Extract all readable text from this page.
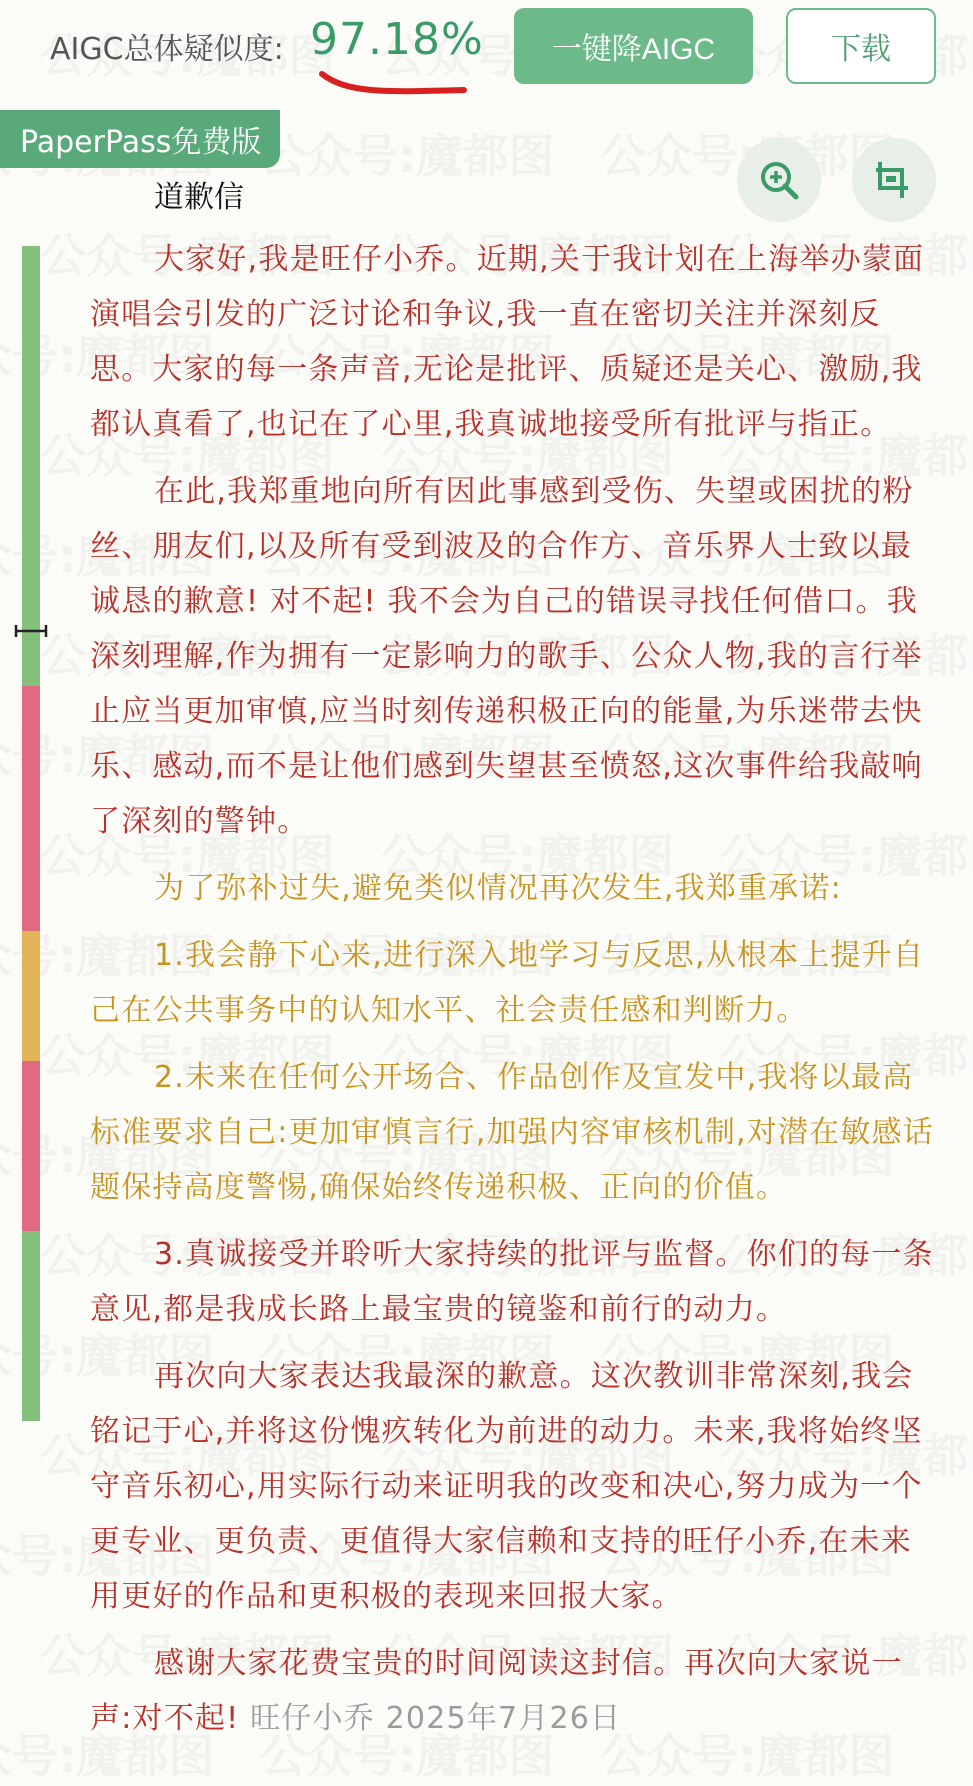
AIGC总体疑似度: 97.18%	一键降AIGC	下载
PaperPass免费版
道歉信

大家好,我是旺仔小乔。近期,关于我计划在上海举办蒙面演唱会引发的广泛讨论和争议,我一直在密切关注并深刻反思。大家的每一条声音,无论是批评、质疑还是关心、激励,我都认真看了,也记在了心里,我真诚地接受所有批评与指正。

在此,我郑重地向所有因此事感到受伤、失望或困扰的粉丝、朋友们,以及所有受到波及的合作方、音乐界人士致以最诚恳的歉意! 对不起! 我不会为自己的错误寻找任何借口。我深刻理解,作为拥有一定影响力的歌手、公众人物,我的言行举止应当更加审慎,应当时刻传递积极正向的能量,为乐迷带去快乐、感动,而不是让他们感到失望甚至愤怒,这次事件给我敲响了深刻的警钟。

为了弥补过失,避免类似情况再次发生,我郑重承诺:

1.我会静下心来,进行深入地学习与反思,从根本上提升自己在公共事务中的认知水平、社会责任感和判断力。

2.未来在任何公开场合、作品创作及宣发中,我将以最高标准要求自己:更加审慎言行,加强内容审核机制,对潜在敏感话题保持高度警惕,确保始终传递积极、正向的价值。

3.真诚接受并聆听大家持续的批评与监督。你们的每一条意见,都是我成长路上最宝贵的镜鉴和前行的动力。

再次向大家表达我最深的歉意。这次教训非常深刻,我会铭记于心,并将这份愧疚转化为前进的动力。未来,我将始终坚守音乐初心,用实际行动来证明我的改变和决心,努力成为一个更专业、更负责、更值得大家信赖和支持的旺仔小乔,在未来用更好的作品和更积极的表现来回报大家。

感谢大家花费宝贵的时间阅读这封信。再次向大家说一声:对不起! 旺仔小乔 2025年7月26日
